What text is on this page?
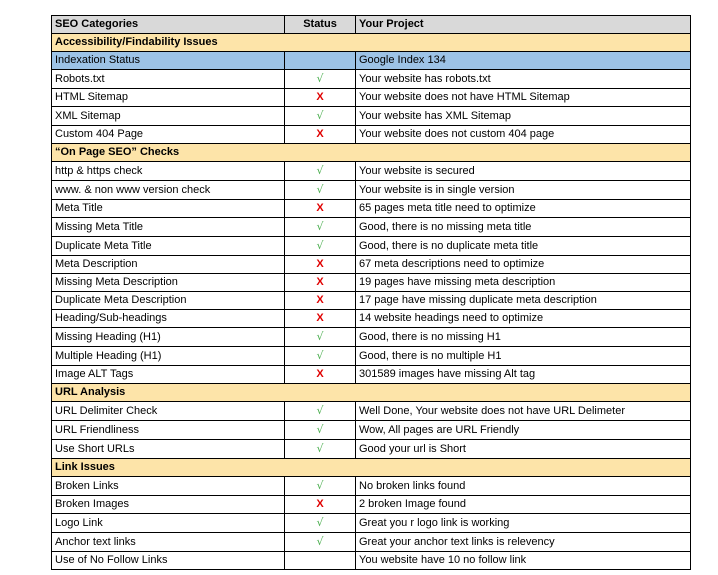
SEO Categories	Status	Your Project
Accessibility/Findability Issues		
Indexation Status		Google Index 134
Robots.txt	√	Your website has robots.txt
HTML Sitemap	X	Your website does not have HTML Sitemap
XML Sitemap	√	Your website has XML Sitemap
Custom 404 Page	X	Your website does not custom 404 page
“On Page SEO” Checks		
http & https check	√	Your website is secured
www. & non www version check	√	Your website is in single version
Meta Title	X	65 pages meta title need to optimize
Missing Meta Title	√	Good, there is no missing meta title
Duplicate Meta Title	√	Good, there is no duplicate meta title
Meta Description	X	67 meta descriptions need to optimize
Missing Meta Description	X	19 pages have missing meta description
Duplicate Meta Description	X	17 page have missing duplicate meta description
Heading/Sub-headings	X	14 website headings need to optimize
Missing Heading (H1)	√	Good, there is no missing H1
Multiple Heading (H1)	√	Good, there is no multiple H1
Image ALT Tags	X	301589 images have missing Alt tag
URL Analysis		
URL Delimiter Check	√	Well Done, Your website does not have URL Delimeter
URL Friendliness	√	Wow, All pages are URL Friendly
Use Short URLs	√	Good your url is Short
Link Issues		
Broken Links	√	No broken links found
Broken Images	X	2 broken Image found
Logo Link	√	Great you r logo link is working
Anchor text links	√	Great your anchor text links is relevency
Use of No Follow Links		You website have 10 no follow link
